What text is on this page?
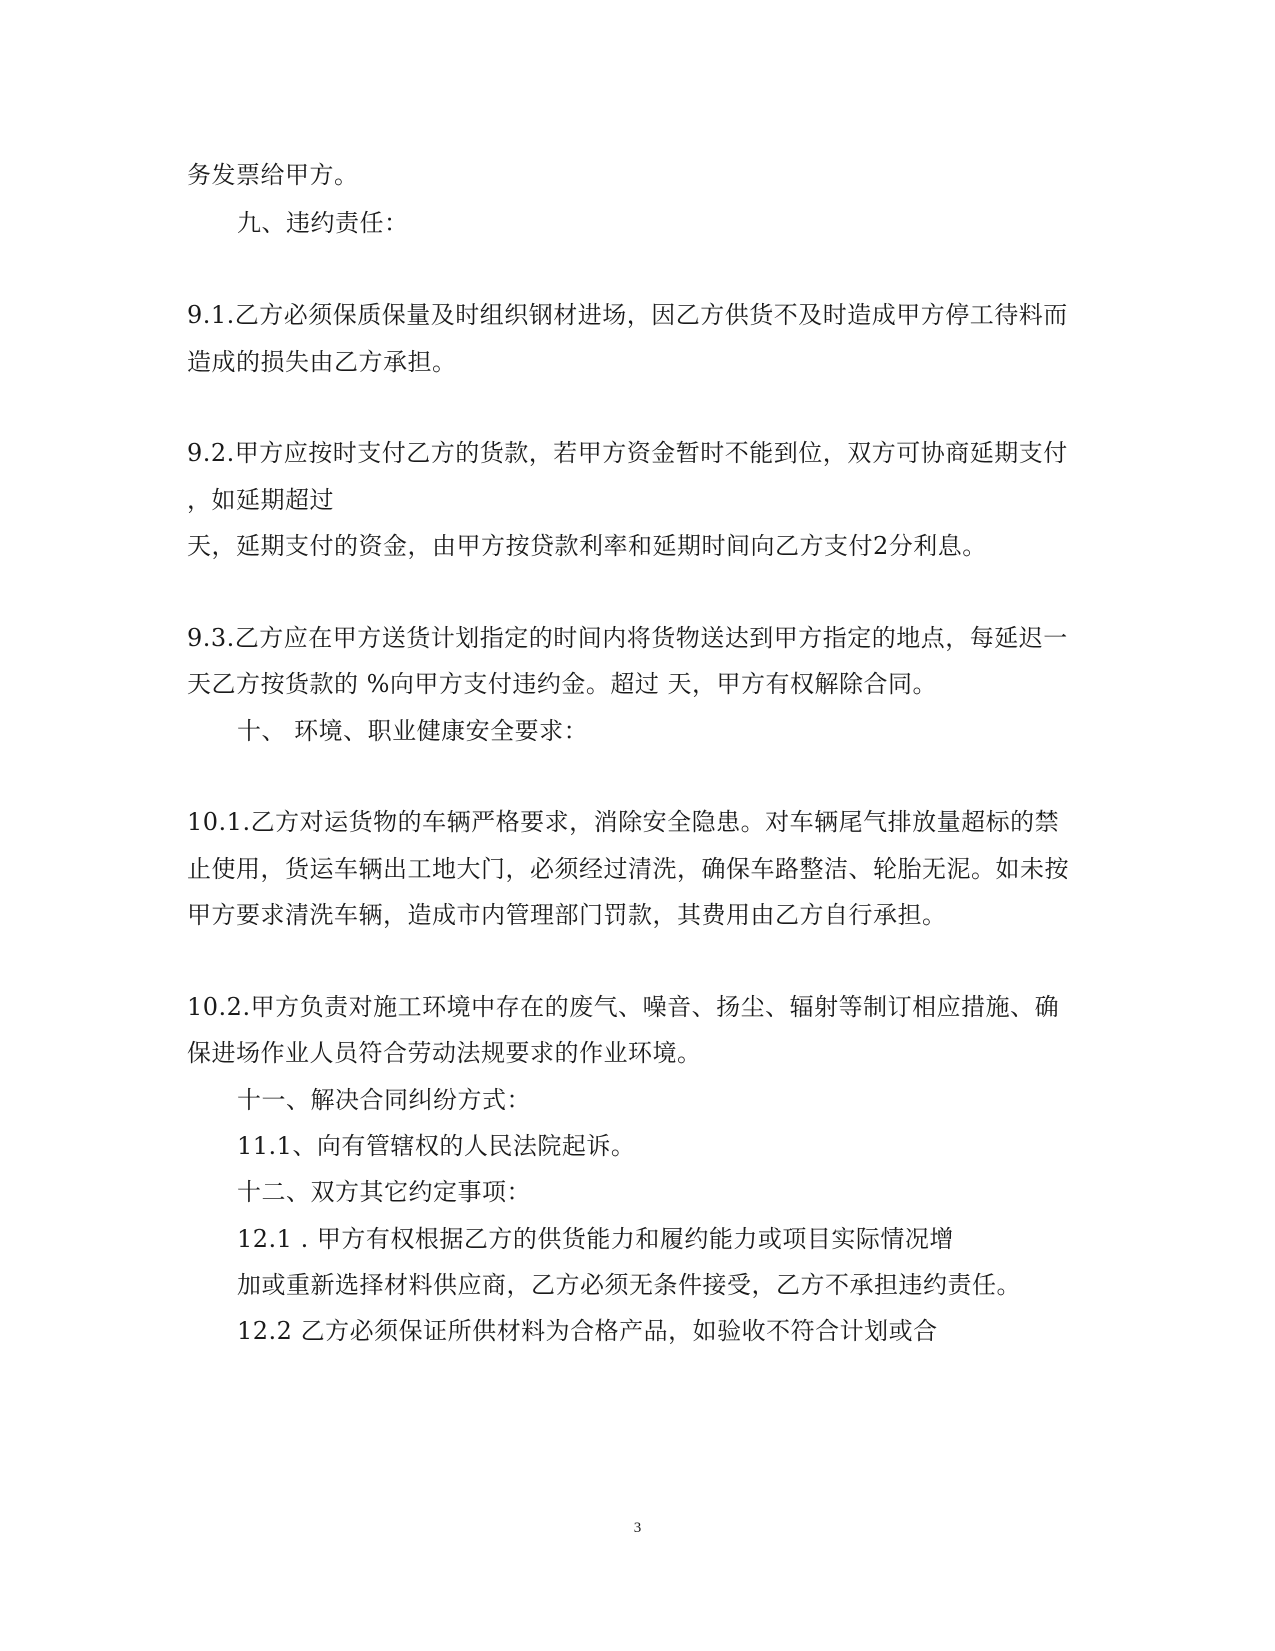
务发票给甲方。
九、违约责任：
9.1.乙方必须保质保量及时组织钢材进场，因乙方供货不及时造成甲方停工待料而
造成的损失由乙方承担。
9.2.甲方应按时支付乙方的货款，若甲方资金暂时不能到位，双方可协商延期支付
，如延期超过
天，延期支付的资金，由甲方按贷款利率和延期时间向乙方支付2分利息。
9.3.乙方应在甲方送货计划指定的时间内将货物送达到甲方指定的地点，每延迟一
天乙方按货款的 %向甲方支付违约金。超过 天，甲方有权解除合同。
十、 环境、职业健康安全要求：
10.1.乙方对运货物的车辆严格要求，消除安全隐患。对车辆尾气排放量超标的禁
止使用，货运车辆出工地大门，必须经过清洗，确保车路整洁、轮胎无泥。如未按
甲方要求清洗车辆，造成市内管理部门罚款，其费用由乙方自行承担。
10.2.甲方负责对施工环境中存在的废气、噪音、扬尘、辐射等制订相应措施、确
保进场作业人员符合劳动法规要求的作业环境。
十一、解决合同纠纷方式：
11.1、向有管辖权的人民法院起诉。
十二、双方其它约定事项：
12.1 . 甲方有权根据乙方的供货能力和履约能力或项目实际情况增
加或重新选择材料供应商，乙方必须无条件接受，乙方不承担违约责任。
12.2 乙方必须保证所供材料为合格产品，如验收不符合计划或合
3
